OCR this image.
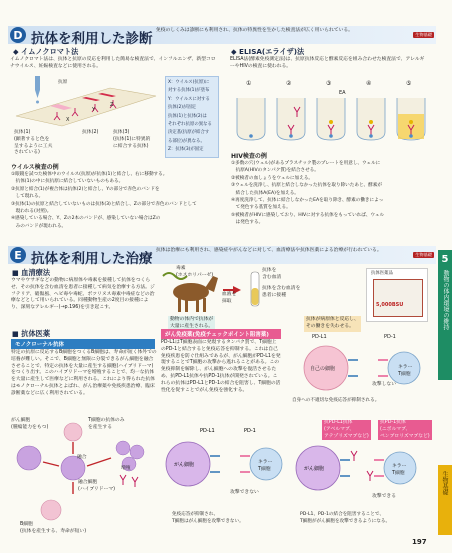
5
動物の体内環境の維持
生物基礎
D 抗体を利用した診断
免疫のしくみは診断にも利用され、抗体の特異性を生かした検査法が広く用いられている。
生物基礎
◆ イムノクロマト法
イムノクロマト法は、抗体と抗原の反応を利用した簡易な検査法で、インフルエンザ、新型コロナウイルス、妊娠検査などに使用される。
X
Y
Z
抗原
抗体(1)
(顕著すると色を
呈するように工夫
されている)
抗体(2)	抗体(3)
(抗体(1)に特異的
に結合する抗体)
X：ウイルス(抗原)に
対する抗体(1)が塗布
Y：ウイルスに対する
抗体(2)が固定
抗体(1)と抗体(2)は
それぞれ抗原の異なる
決定基(抗原が結合す
る部位)が異なる。
Z：抗体(3)が固定
ウイルス検査の例
①眼鏡を試つた検体中のウイルス(抗原)が抗体(1)と結合し、右に移動する。
　抗体(1)の中に抗抗原に結合していないものもある。
②抗原と結合(1)が複合体は抗体(2)と結合し、Yの部分で赤色のバンドを
　して現れる。
③抗体(1)の抗原と結合していないものは抗体(3)と結合し、Zの部分で赤色のバンドとして
　現われる(対照)。
④感染している場合、Y、Zの2本のバンドが、感染していない場合はZの
　みのバンドが現われる。
◆ ELISA(エライザ)法
ELISA法(酵素免疫測定法)は、抗原抗体反応と酵素反応を組み合わせた検査法で、アレルギーやHIVの検査に使われる。
①	②	③	④	⑤
EA
HIV検査の例
①多数の穴(ウェル)があるプラスチック製のプレートを用意し、ウェルに
　抗原A(HIVのタンパク質)を結合させる。
②被検者の血しょうをウェルに加える。
③ウェルを洗浄し、抗原と結合しなかった抗体を取り除いたあと、酵素が
　結合した抗体A(EA)を加える。
④再度洗浄して、抗体に結合しなかったEAを取り除き、酵素の働きによっ
　て発色する基質を加える。
⑤被検者がHIVに感染しており、HIVに対する抗体をもっていれば、ウェル
　は発色する。
E 抗体を利用した治療
抗体は治療にも利用され、感染症やがんなどに対して、血清療法や抗体医薬による治療が行われている。
生物基礎
■ 血清療法
ウマやウサギなどの動物に病原体や毒素を接種して抗体をつくらせ、その抗体を含む血清を患者に接種して病気を治療する方法。ジフテリア、破傷風、ヘビ毒や毒蛇、ボツリヌス毒素中毒症などの治療などとして用いられている。同種動物生産の2度目の接種により、深刻なアレルギー(→p.196)を引き起こす。
毒素
(ホスホリパーゼ)
血液を
採取
動物の体内で抗体が
大量に産生される。
抗体を
含む血清
抗体を含む血清を
患者に接種
抗体が病原体と反応し、
その働きを失わせる。
5,000BSU
抗体医薬品
■ 抗体医薬
モノクローナル抗体
特定の抗原に反応するB細胞をつくるB細胞は、寿命が短く体外での培養が難しい。そこで、B細胞と無限に分裂できるがん細胞を融合させることで、特定の抗体を大量に産生する細胞(ハイブリドーマ)をつくり出す。このハイブリドーマを増殖することで、均一な抗体を大量に産生して医療などに利用される。これにより得られた抗体はモノクローナル抗体とよばれ、がん治療薬や免疫疾患治療、臨床診断薬などに広く利用されている。
がん免疫薬(免疫チェックポイント阻害薬)
PD-L1はT細胞表面に発現するタンパク質で、T細胞上のPD-1と結合すると免疫応答を抑制する。これは自己免疫疾患を防ぐ仕組みであるが、がん細胞がPD-L1を発現することでT細胞の攻撃から逃れることがある。この免疫抑制を解除し、がん細胞への攻撃を復活させるため、抗PD-L1抗体や抗PD-1抗体が開発されている。これらの抗体はPD-L1とPD-1の結合を阻害し、T細胞の活性化を促すことでがん免疫を強化する。
PD-L1	PD-1
自己の細胞	キラー
T細胞
攻撃しない
自身への不適切な免疫応答が抑制される。
がん細胞
(腫瘍能力をもつ)
T細胞の抗体のみ
を産生する
融合
融合細胞
(ハイブリドーマ)
増殖
B細胞
(抗体を産生する、寿命が短い)
PD-L1	PD-1
がん細胞	キラー
T細胞
攻撃できない
免疫応答が抑制され、
T細胞はがん細胞を攻撃できない。
がん細胞
抗PD-L1抗体
(アベルマブ、
アテゾリズマブなど)
抗PD-1抗体
(ニボルマブ、
ペンブロリズマブなど)
キラー
T細胞
攻撃できる
PD-L1、PD-1の結合を阻害することで、
T細胞ががん細胞を攻撃できるようになる。
197
